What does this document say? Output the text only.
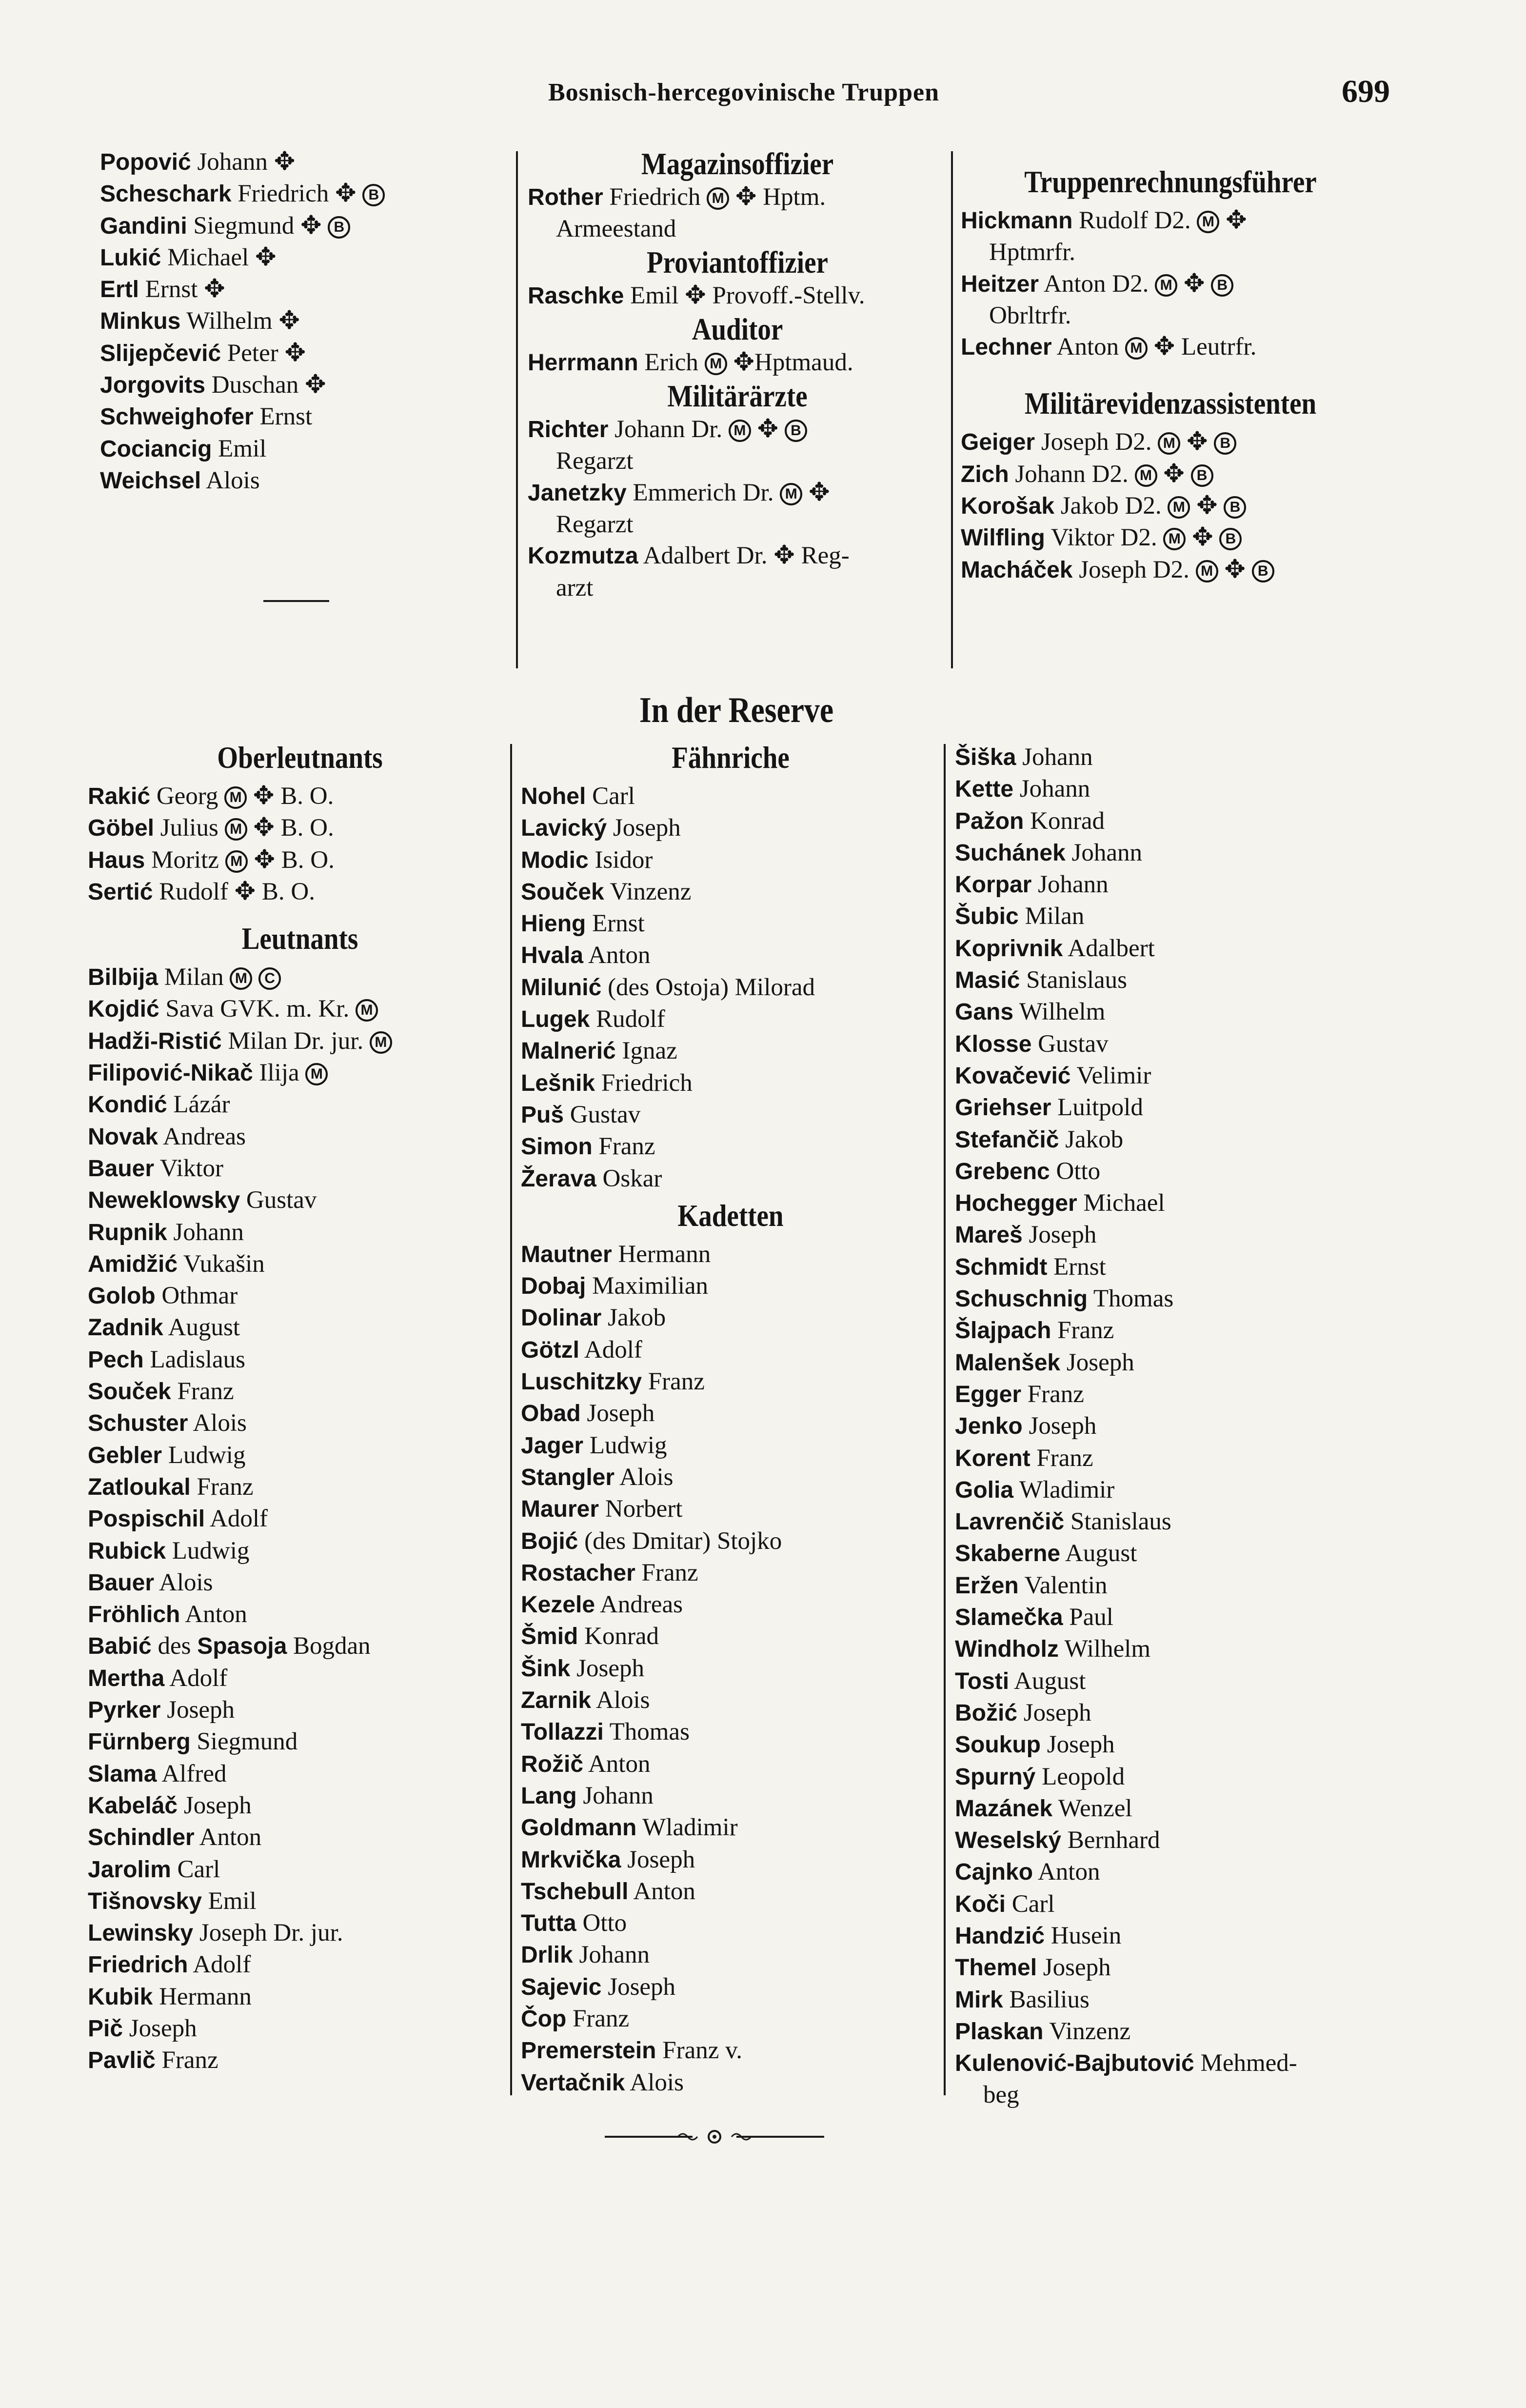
Bosnisch-hercegovinische Truppen	699
Popović Johann ✥
Scheschark Friedrich ✥ B
Gandini Siegmund ✥ B
Lukić Michael ✥
Ertl Ernst ✥
Minkus Wilhelm ✥
Slijepčević Peter ✥
Jorgovits Duschan ✥
Schweighofer Ernst
Cociancig Emil
Weichsel Alois
Magazinsoffizier
Rother Friedrich M ✥ Hptm.
Armeestand
Proviantoffizier
Raschke Emil ✥ Provoff.-Stellv.
Auditor
Herrmann Erich M ✥Hptmaud.
Militärärzte
Richter Johann Dr. M ✥ B
Regarzt
Janetzky Emmerich Dr. M ✥
Regarzt
Kozmutza Adalbert Dr. ✥ Reg-
arzt
Truppenrechnungsführer
Hickmann Rudolf D2. M ✥
Hptmrfr.
Heitzer Anton D2. M ✥ B
Obrltrfr.
Lechner Anton M ✥ Leutrfr.
Militärevidenzassistenten
Geiger Joseph D2. M ✥ B
Zich Johann D2. M ✥ B
Korošak Jakob D2. M ✥ B
Wilfling Viktor D2. M ✥ B
Macháček Joseph D2. M ✥ B
In der Reserve
Oberleutnants
Rakić Georg M ✥ B. O.
Göbel Julius M ✥ B. O.
Haus Moritz M ✥ B. O.
Sertić Rudolf ✥ B. O.
Leutnants
Bilbija Milan M C
Kojdić Sava GVK. m. Kr. M
Hadži-Ristić Milan Dr. jur. M
Filipović-Nikač Ilija M
Kondić Lázár
Novak Andreas
Bauer Viktor
Neweklowsky Gustav
Rupnik Johann
Amidžić Vukašin
Golob Othmar
Zadnik August
Pech Ladislaus
Souček Franz
Schuster Alois
Gebler Ludwig
Zatloukal Franz
Pospischil Adolf
Rubick Ludwig
Bauer Alois
Fröhlich Anton
Babić des Spasoja Bogdan
Mertha Adolf
Pyrker Joseph
Fürnberg Siegmund
Slama Alfred
Kabeláč Joseph
Schindler Anton
Jarolim Carl
Tišnovsky Emil
Lewinsky Joseph Dr. jur.
Friedrich Adolf
Kubik Hermann
Pič Joseph
Pavlič Franz
Fähnriche
Nohel Carl
Lavický Joseph
Modic Isidor
Souček Vinzenz
Hieng Ernst
Hvala Anton
Milunić (des Ostoja) Milorad
Lugek Rudolf
Malnerić Ignaz
Lešnik Friedrich
Puš Gustav
Simon Franz
Žerava Oskar
Kadetten
Mautner Hermann
Dobaj Maximilian
Dolinar Jakob
Götzl Adolf
Luschitzky Franz
Obad Joseph
Jager Ludwig
Stangler Alois
Maurer Norbert
Bojić (des Dmitar) Stojko
Rostacher Franz
Kezele Andreas
Šmid Konrad
Šink Joseph
Zarnik Alois
Tollazzi Thomas
Rožič Anton
Lang Johann
Goldmann Wladimir
Mrkvička Joseph
Tschebull Anton
Tutta Otto
Drlik Johann
Sajevic Joseph
Čop Franz
Premerstein Franz v.
Vertačnik Alois
Šiška Johann
Kette Johann
Pažon Konrad
Suchánek Johann
Korpar Johann
Šubic Milan
Koprivnik Adalbert
Masić Stanislaus
Gans Wilhelm
Klosse Gustav
Kovačević Velimir
Griehser Luitpold
Stefančič Jakob
Grebenc Otto
Hochegger Michael
Mareš Joseph
Schmidt Ernst
Schuschnig Thomas
Šlajpach Franz
Malenšek Joseph
Egger Franz
Jenko Joseph
Korent Franz
Golia Wladimir
Lavrenčič Stanislaus
Skaberne August
Eržen Valentin
Slamečka Paul
Windholz Wilhelm
Tosti August
Božić Joseph
Soukup Joseph
Spurný Leopold
Mazánek Wenzel
Weselský Bernhard
Cajnko Anton
Koči Carl
Handzić Husein
Themel Joseph
Mirk Basilius
Plaskan Vinzenz
Kulenović-Bajbutović Mehmed-
beg
